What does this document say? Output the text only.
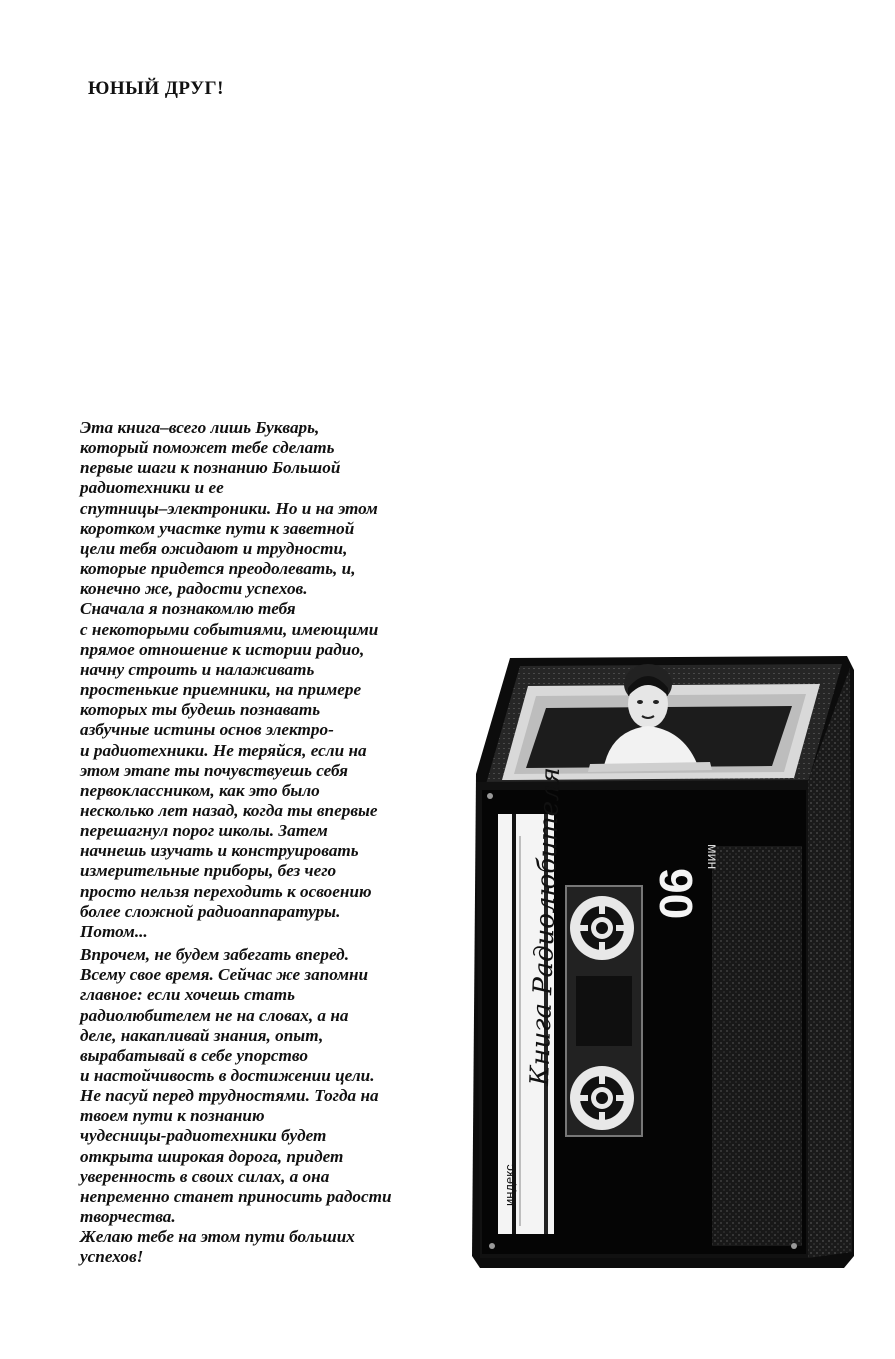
ЮНЫЙ ДРУГ!
Эта книга–всего лишь Букварь,
который поможет тебе сделать
первые шаги к познанию Большой
радиотехники и ее
спутницы–электроники. Но и на этом
коротком участке пути к заветной
цели тебя ожидают и трудности,
которые придется преодолевать, и,
конечно же, радости успехов.
Сначала я познакомлю тебя
с некоторыми событиями, имеющими
прямое отношение к истории радио,
начну строить и налаживать
простенькие приемники, на примере
которых ты будешь познавать
азбучные истины основ электро-
и радиотехники. Не теряйся, если на
этом этапе ты почувствуешь себя
первоклассником, как это было
несколько лет назад, когда ты впервые
перешагнул порог школы. Затем
начнешь изучать и конструировать
измерительные приборы, без чего
просто нельзя переходить к освоению
более сложной радиоаппаратуры.
Потом...
Впрочем, не будем забегать вперед.
Всему свое время. Сейчас же запомни
главное: если хочешь стать
радиолюбителем не на словах, а на
деле, накапливай знания, опыт,
вырабатывай в себе упорство
и настойчивость в достижении цели.
Не пасуй перед трудностями. Тогда на
твоем пути к познанию
чудесницы-радиотехники будет
открыта широкая дорога, придет
уверенность в своих силах, а она
непременно станет приносить радости
творчества.
Желаю тебе на этом пути больших
успехов!
Книга Радиолюбителя
индекс
90
мин
